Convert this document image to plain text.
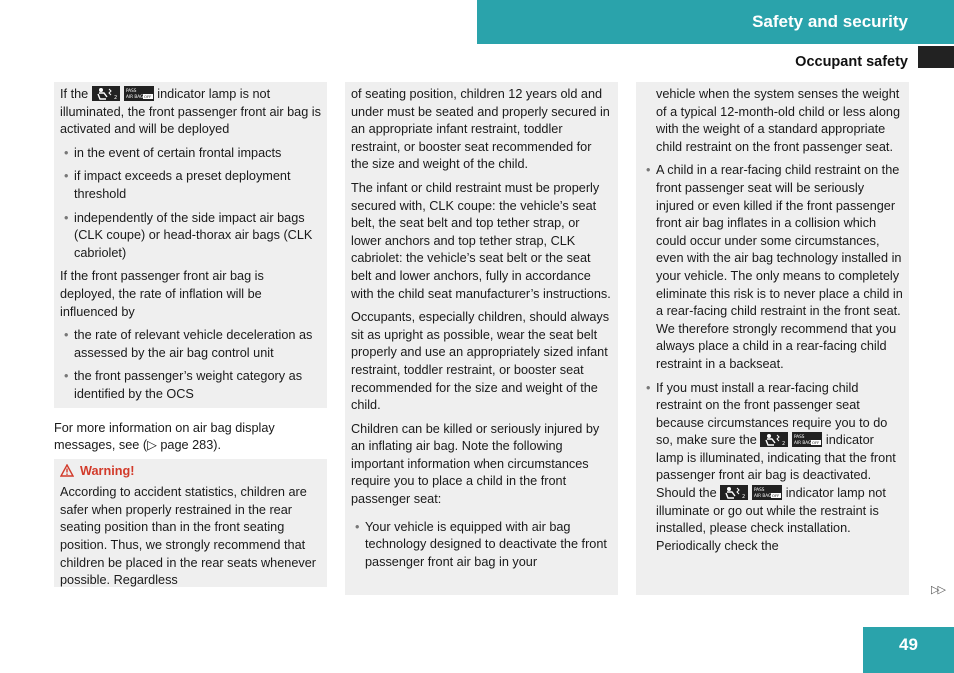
Safety and security
Occupant safety

If the	2
PASS
AIR BAG OFF indicator lamp is not illuminated, the front passenger front air bag is activated and will be deployed

• in the event of certain frontal impacts

• if impact exceeds a preset deployment threshold

• independently of the side impact air bags (CLK coupe) or head-thorax air bags (CLK cabriolet)

If the front passenger front air bag is deployed, the rate of inflation will be influenced by

• the rate of relevant vehicle deceleration as assessed by the air bag control unit

• the front passenger’s weight category as identified by the OCS

For more information on air bag display messages, see (▷ page 283).

Warning!

According to accident statistics, children are safer when properly restrained in the rear seating position than in the front seating position. Thus, we strongly recommend that children be placed in the rear seats whenever possible. Regardless

of seating position, children 12 years old and under must be seated and properly secured in an appropriate infant restraint, toddler restraint, or booster seat recommended for the size and weight of the child.

The infant or child restraint must be properly secured with, CLK coupe: the vehicle’s seat belt, the seat belt and top tether strap, or lower anchors and top tether strap, CLK cabriolet: the vehicle’s seat belt or the seat belt and lower anchors, fully in accordance with the child seat manufacturer’s instructions.

Occupants, especially children, should always sit as upright as possible, wear the seat belt properly and use an appropriately sized infant restraint, toddler restraint, or booster seat recommended for the size and weight of the child.

Children can be killed or seriously injured by an inflating air bag. Note the following important information when circumstances require you to place a child in the front passenger seat:

• Your vehicle is equipped with air bag technology designed to deactivate the front passenger front air bag in your

vehicle when the system senses the weight of a typical 12-month-old child or less along with the weight of a standard appropriate child restraint on the front passenger seat.

• A child in a rear-facing child restraint on the front passenger seat will be seriously injured or even killed if the front passenger front air bag inflates in a collision which could occur under some circumstances, even with the air bag technology installed in your vehicle. The only means to completely eliminate this risk is to never place a child in a rear-facing child restraint in the front seat. We therefore strongly recommend that you always place a child in a rear-facing child restraint in a backseat.

• If you must install a rear-facing child restraint on the front passenger seat because circumstances require you to do so, make sure the	2
PASS
AIR BAG OFF indicator lamp is illuminated, indicating that the front passenger front air bag is deactivated. Should the	2
PASS
AIR BAG OFF indicator lamp not illuminate or go out while the restraint is installed, please check installation. Periodically check the

▷▷
49
